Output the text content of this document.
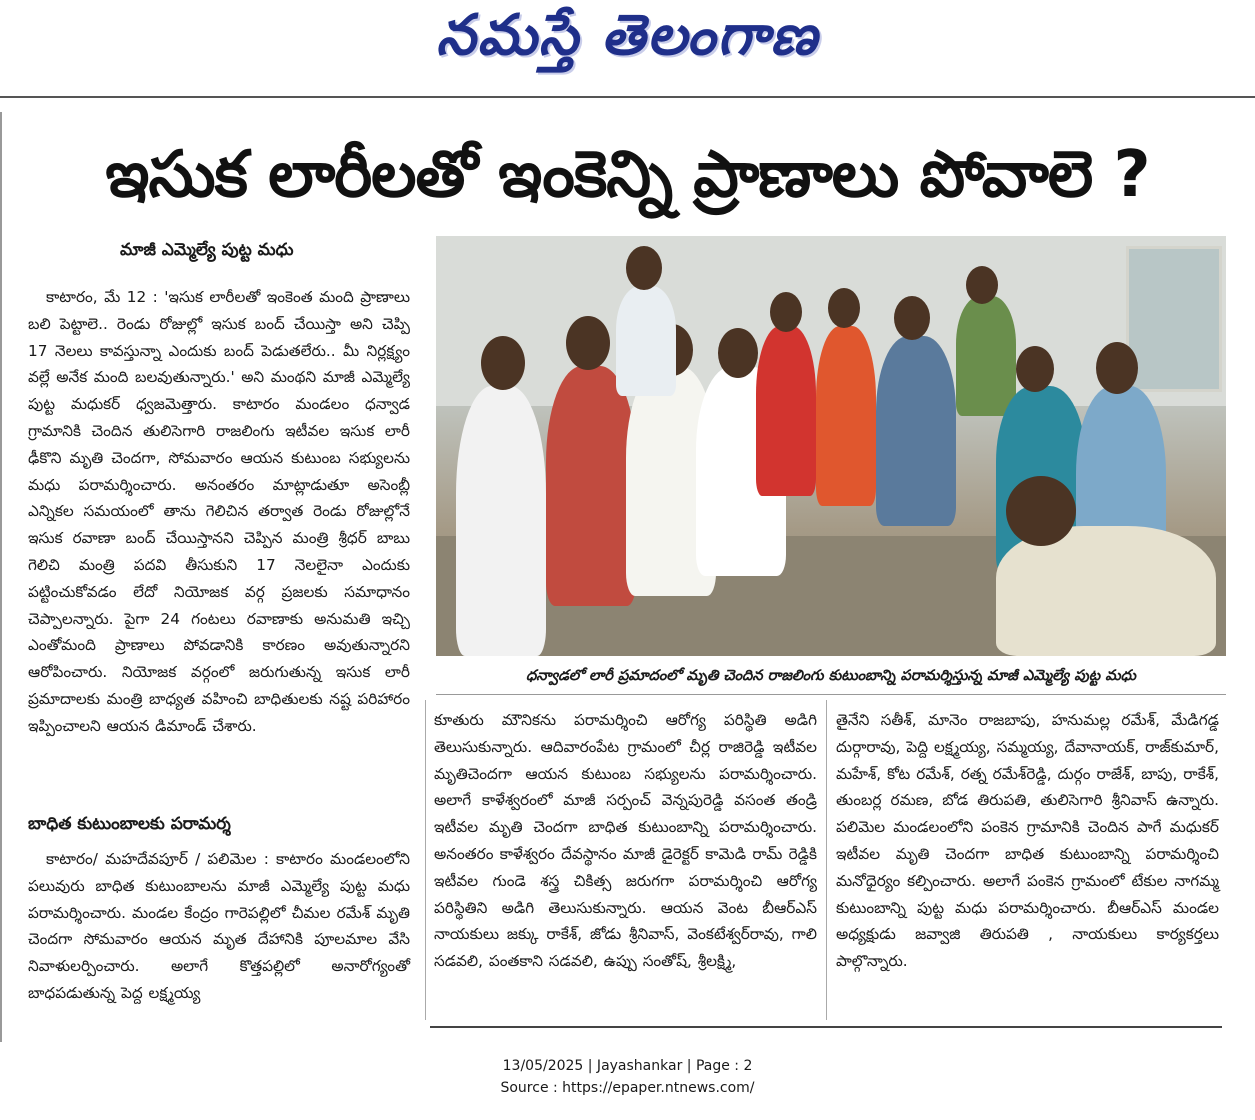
నమస్తే తెలంగాణ
ఇసుక లారీలతో ఇంకెన్ని ప్రాణాలు పోవాలె ?
మాజీ ఎమ్మెల్యే పుట్ట మధు

కాటారం, మే 12 : 'ఇసుక లారీలతో ఇంకెంత మంది ప్రాణాలు బలి పెట్టాలె.. రెండు రోజుల్లో ఇసుక బంద్ చేయిస్తా అని చెప్పి 17 నెలలు కావస్తున్నా ఎందుకు బంద్ పెడుతలేరు.. మీ నిర్లక్ష్యం వల్లే అనేక మంది బలవుతున్నారు.' అని మంథని మాజీ ఎమ్మెల్యే పుట్ట మధుకర్ ధ్వజమెత్తారు. కాటారం మండలం ధన్వాడ గ్రామానికి చెందిన తులిసెగారి రాజలింగు ఇటీవల ఇసుక లారీ ఢీకొని మృతి చెందగా, సోమవారం ఆయన కుటుంబ సభ్యులను మధు పరామర్శించారు. అనంతరం మాట్లాడుతూ అసెంబ్లీ ఎన్నికల సమయంలో తాను గెలిచిన తర్వాత రెండు రోజుల్లోనే ఇసుక రవాణా బంద్ చేయిస్తానని చెప్పిన మంత్రి శ్రీధర్ బాబు గెలిచి మంత్రి పదవి తీసుకుని 17 నెలలైనా ఎందుకు పట్టించుకోవడం లేదో నియోజక వర్గ ప్రజలకు సమాధానం చెప్పాలన్నారు. పైగా 24 గంటలు రవాణాకు అనుమతి ఇచ్చి ఎంతోమంది ప్రాణాలు పోవడానికి కారణం అవుతున్నారని ఆరోపించారు. నియోజక వర్గంలో జరుగుతున్న ఇసుక లారీ ప్రమాదాలకు మంత్రి బాధ్యత వహించి బాధితులకు నష్ట పరిహారం ఇప్పించాలని ఆయన డిమాండ్ చేశారు.

బాధిత కుటుంబాలకు పరామర్శ

కాటారం/ మహదేవపూర్ / పలిమెల : కాటారం మండలంలోని పలువురు బాధిత కుటుంబాలను మాజీ ఎమ్మెల్యే పుట్ట మధు పరామర్శించారు. మండల కేంద్రం గారెపల్లిలో చీమల రమేశ్ మృతి చెందగా సోమవారం ఆయన మృత దేహానికి పూలమాల వేసి నివాళులర్పించారు. అలాగే కొత్తపల్లిలో అనారోగ్యంతో బాధపడుతున్న పెద్ద లక్ష్మయ్య

ధన్వాడలో లారీ ప్రమాదంలో మృతి చెందిన రాజలింగు కుటుంబాన్ని పరామర్శిస్తున్న మాజీ ఎమ్మెల్యే పుట్ట మధు

కూతురు మౌనికను పరామర్శించి ఆరోగ్య పరిస్థితి అడిగి తెలుసుకున్నారు. ఆదివారంపేట గ్రామంలో చీర్ల రాజిరెడ్డి ఇటీవల మృతిచెందగా ఆయన కుటుంబ సభ్యులను పరామర్శించారు. అలాగే కాళేశ్వరంలో మాజీ సర్పంచ్ వెన్నపురెడ్డి వసంత తండ్రి ఇటీవల మృతి చెందగా బాధిత కుటుంబాన్ని పరామర్శించారు. అనంతరం కాళేశ్వరం దేవస్థానం మాజీ డైరెక్టర్ కామెడి రామ్ రెడ్డికి ఇటీవల గుండె శస్త్ర చికిత్స జరుగగా పరామర్శించి ఆరోగ్య పరిస్థితిని అడిగి తెలుసుకున్నారు. ఆయన వెంట బీఆర్ఎస్ నాయకులు జక్కు రాకేశ్, జోడు శ్రీనివాస్, వెంకటేశ్వర్‌రావు, గాలి సడవలి, పంతకాని సడవలి, ఉప్పు సంతోష్, శ్రీలక్ష్మి,

తైనేని సతీశ్, మానెం రాజబాపు, హనుమల్ల రమేశ్, మేడిగడ్డ దుర్గారావు, పెద్ది లక్ష్మయ్య, సమ్మయ్య, దేవానాయక్, రాజ్‌కుమార్, మహేశ్, కోట రమేశ్, రత్న రమేశ్‌రెడ్డి, దుర్గం రాజేశ్, బాపు, రాకేశ్, తుంబర్ల రమణ, బోడ తిరుపతి, తులిసెగారి శ్రీనివాస్ ఉన్నారు. పలిమెల మండలంలోని పంకెన గ్రామానికి చెందిన పాగే మధుకర్ ఇటీవల మృతి చెందగా బాధిత కుటుంబాన్ని పరామర్శించి మనోధైర్యం కల్పించారు. అలాగే పంకెన గ్రామంలో టేకుల నాగమ్మ కుటుంబాన్ని పుట్ట మధు పరామర్శించారు. బీఆర్ఎస్ మండల అధ్యక్షుడు జవ్వాజి తిరుపతి , నాయకులు కార్యకర్తలు పాల్గొన్నారు.

13/05/2025 | Jayashankar | Page : 2
Source : https://epaper.ntnews.com/
